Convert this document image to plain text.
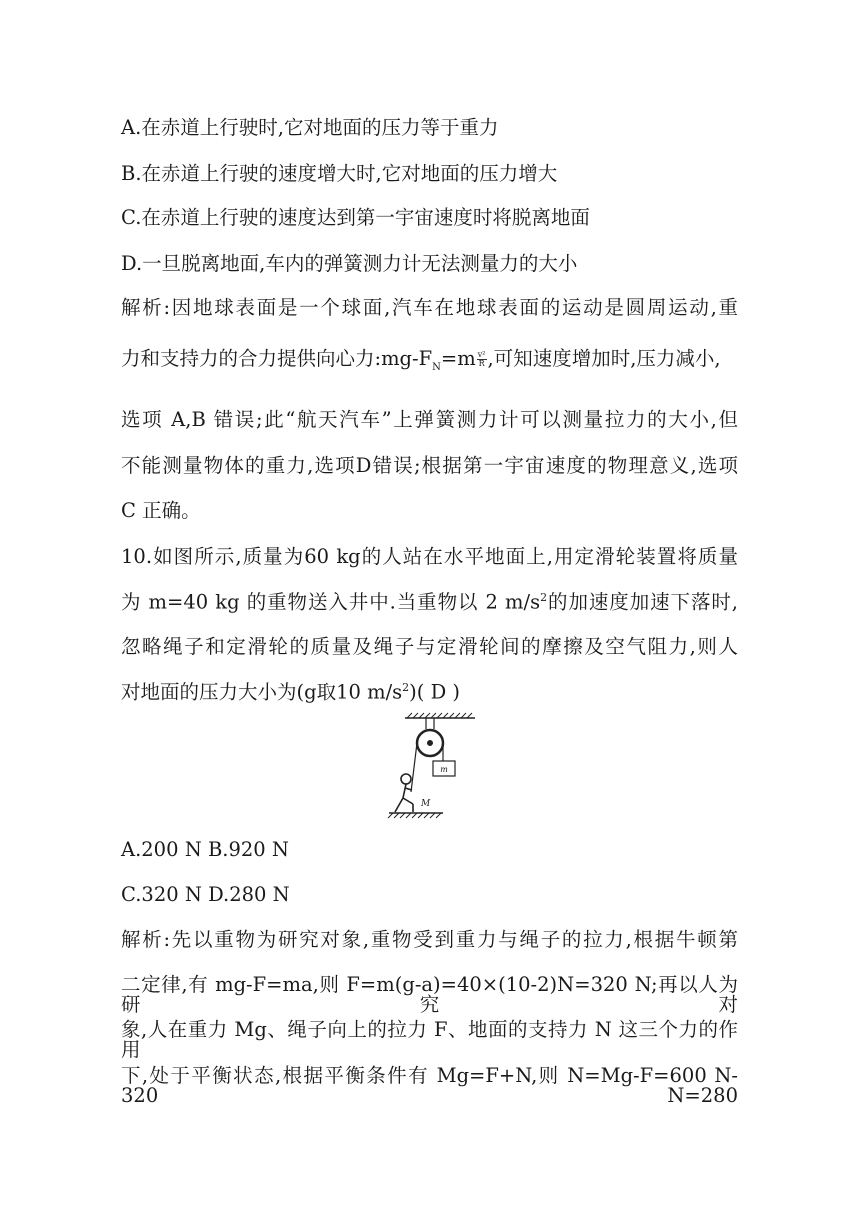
A.在赤道上行驶时,它对地面的压力等于重力
B.在赤道上行驶的速度增大时,它对地面的压力增大
C.在赤道上行驶的速度达到第一宇宙速度时将脱离地面
D.一旦脱离地面,车内的弹簧测力计无法测量力的大小
解析:因地球表面是一个球面,汽车在地球表面的运动是圆周运动,重
力和支持力的合力提供向心力$:mg-F_N=m \frac{\text{v²}}{R}$ ,可知速度增加时,压力减小,
选项 A,B 错误;此“航天汽车”上弹簧测力计可以测量拉力的大小,但
不能测量物体的重力,选项D错误;根据第一宇宙速度的物理意义,选项
C 正确。
10.如图所示,质量为60 kg的人站在水平地面上,用定滑轮装置将质量
为 m=40 kg 的重物送入井中.当重物以 2 $m/s^2$的加速度加速下落时,
忽略绳子和定滑轮的质量及绳子与定滑轮间的摩擦及空气阻力,则人
对地面的压力大小为(g取10 $m/s^2$)( D )
m
M
A.200 N B.920 N
C.320 N D.280 N
解析:先以重物为研究对象,重物受到重力与绳子的拉力,根据牛顿第
二定律,有 mg-F=ma,则 F=m(g-a)=40×(10-2)N=320 N;再以人为研究对
象,人在重力 Mg、绳子向上的拉力 F、地面的支持力 N 这三个力的作用
下,处于平衡状态,根据平衡条件有 Mg=F+N,则 N=Mg-F=600 N-320 N=280
